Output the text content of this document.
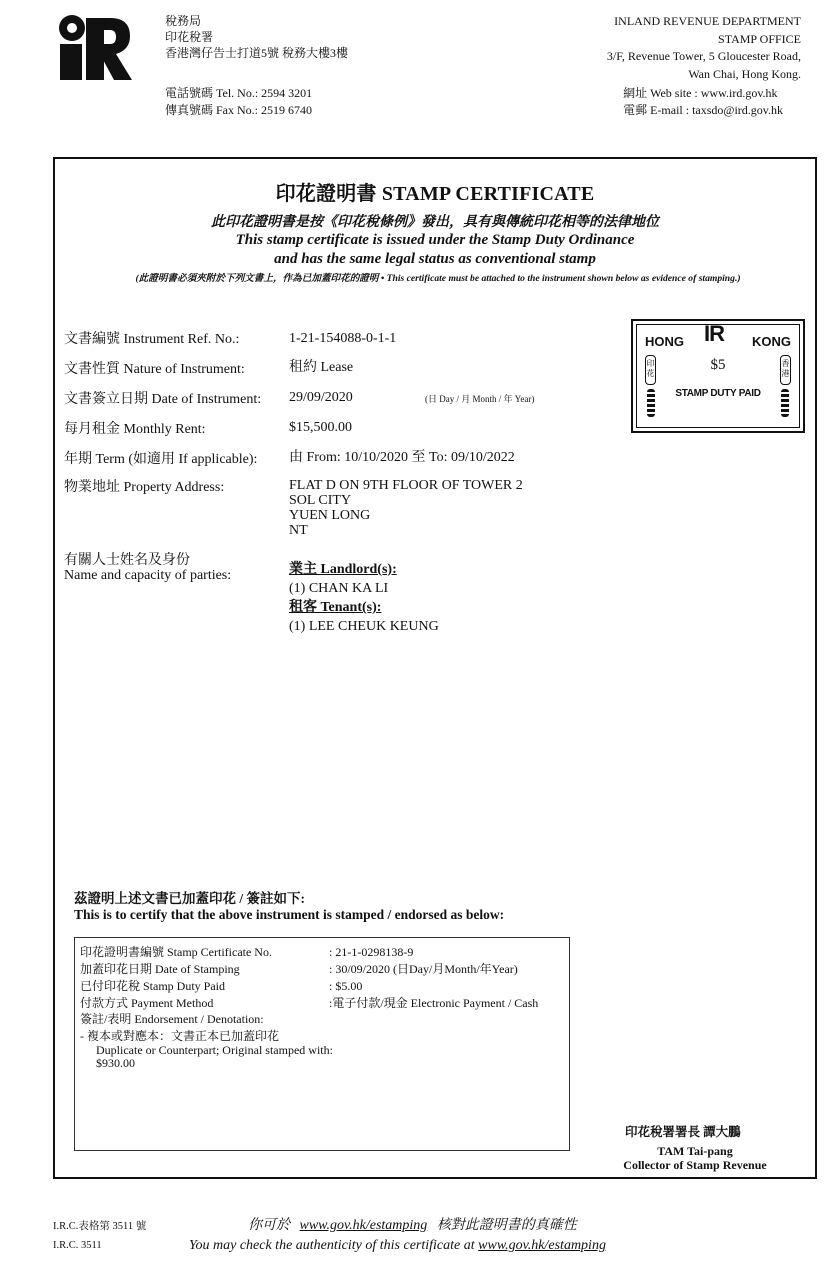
稅務局
印花稅署
香港灣仔告士打道5號 稅務大樓3樓
電話號碼 Tel. No.: 2594 3201
傳真號碼 Fax No.: 2519 6740
INLAND REVENUE DEPARTMENT
STAMP OFFICE
3/F, Revenue Tower, 5 Gloucester Road,
Wan Chai, Hong Kong.
網址 Web site : www.ird.gov.hk
電郵 E-mail : taxsdo@ird.gov.hk
印花證明書 STAMP CERTIFICATE
此印花證明書是按《印花稅條例》發出，具有與傳統印花相等的法律地位
This stamp certificate is issued under the Stamp Duty Ordinance
and has the same legal status as conventional stamp
(此證明書必須夾附於下列文書上，作為已加蓋印花的證明 • This certificate must be attached to the instrument shown below as evidence of stamping.)
文書編號 Instrument Ref. No.:	1-21-154088-0-1-1
文書性質 Nature of Instrument:	租約 Lease
文書簽立日期 Date of Instrument: 29/09/2020	(日 Day / 月 Month / 年 Year)
每月租金 Monthly Rent:	$15,500.00
年期 Term (如適用 If applicable): 由 From: 10/10/2020 至 To: 09/10/2022
物業地址 Property Address:	FLAT D ON 9TH FLOOR OF TOWER 2
SOL CITY
YUEN LONG
NT
有關人士姓名及身份
Name and capacity of parties:	業主 Landlord(s):
(1) CHAN KA LI
租客 Tenant(s):
(1) LEE CHEUK KEUNG
HONG IR KONG
印花
香港
$5
STAMP DUTY PAID
茲證明上述文書已加蓋印花 / 簽註如下:
This is to certify that the above instrument is stamped / endorsed as below:
印花證明書編號 Stamp Certificate No.	: 21-1-0298138-9
加蓋印花日期 Date of Stamping	: 30/09/2020 (日Day/月Month/年Year)
已付印花稅 Stamp Duty Paid	: $5.00
付款方式 Payment Method	:電子付款/現金 Electronic Payment / Cash
簽註/表明 Endorsement / Denotation:
- 複本或對應本：文書正本已加蓋印花
Duplicate or Counterpart; Original stamped with:
$930.00
印花稅署署長 譚大鵬
TAM Tai-pang
Collector of Stamp Revenue
I.R.C.表格第 3511 號
I.R.C. 3511
你可於 www.gov.hk/estamping 核對此證明書的真確性
You may check the authenticity of this certificate at www.gov.hk/estamping
